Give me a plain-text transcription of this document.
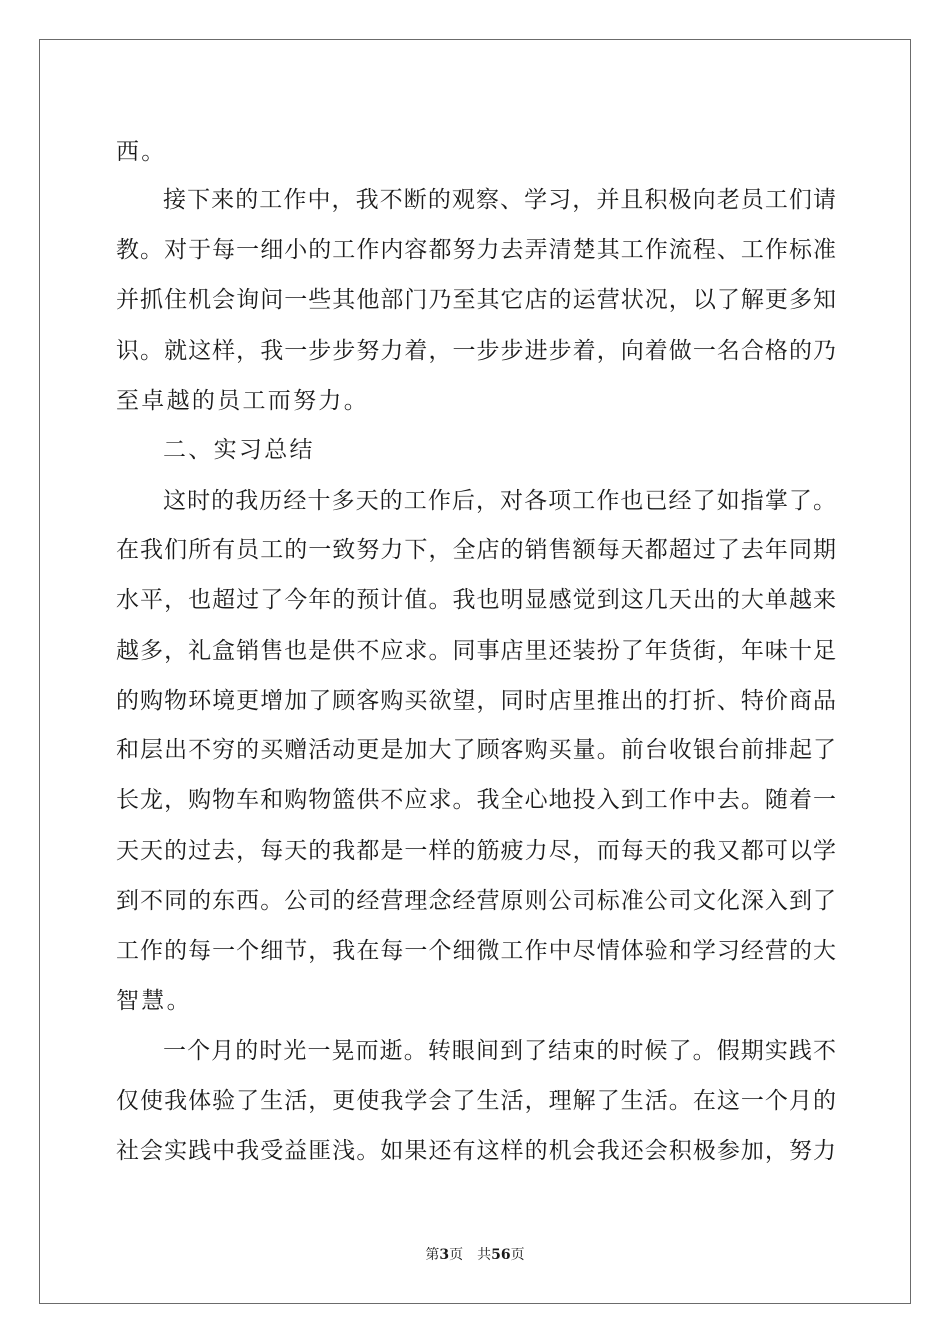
西。
接下来的工作中，我不断的观察、学习，并且积极向老员工们请
教。对于每一细小的工作内容都努力去弄清楚其工作流程、工作标准
并抓住机会询问一些其他部门乃至其它店的运营状况，以了解更多知
识。就这样，我一步步努力着，一步步进步着，向着做一名合格的乃
至卓越的员工而努力。
二、实习总结
这时的我历经十多天的工作后，对各项工作也已经了如指掌了。
在我们所有员工的一致努力下，全店的销售额每天都超过了去年同期
水平，也超过了今年的预计值。我也明显感觉到这几天出的大单越来
越多，礼盒销售也是供不应求。同事店里还装扮了年货街，年味十足
的购物环境更增加了顾客购买欲望，同时店里推出的打折、特价商品
和层出不穷的买赠活动更是加大了顾客购买量。前台收银台前排起了
长龙，购物车和购物篮供不应求。我全心地投入到工作中去。随着一
天天的过去，每天的我都是一样的筋疲力尽，而每天的我又都可以学
到不同的东西。公司的经营理念经营原则公司标准公司文化深入到了
工作的每一个细节，我在每一个细微工作中尽情体验和学习经营的大
智慧。
一个月的时光一晃而逝。转眼间到了结束的时候了。假期实践不
仅使我体验了生活，更使我学会了生活，理解了生活。在这一个月的
社会实践中我受益匪浅。如果还有这样的机会我还会积极参加，努力
第3页 共56页
